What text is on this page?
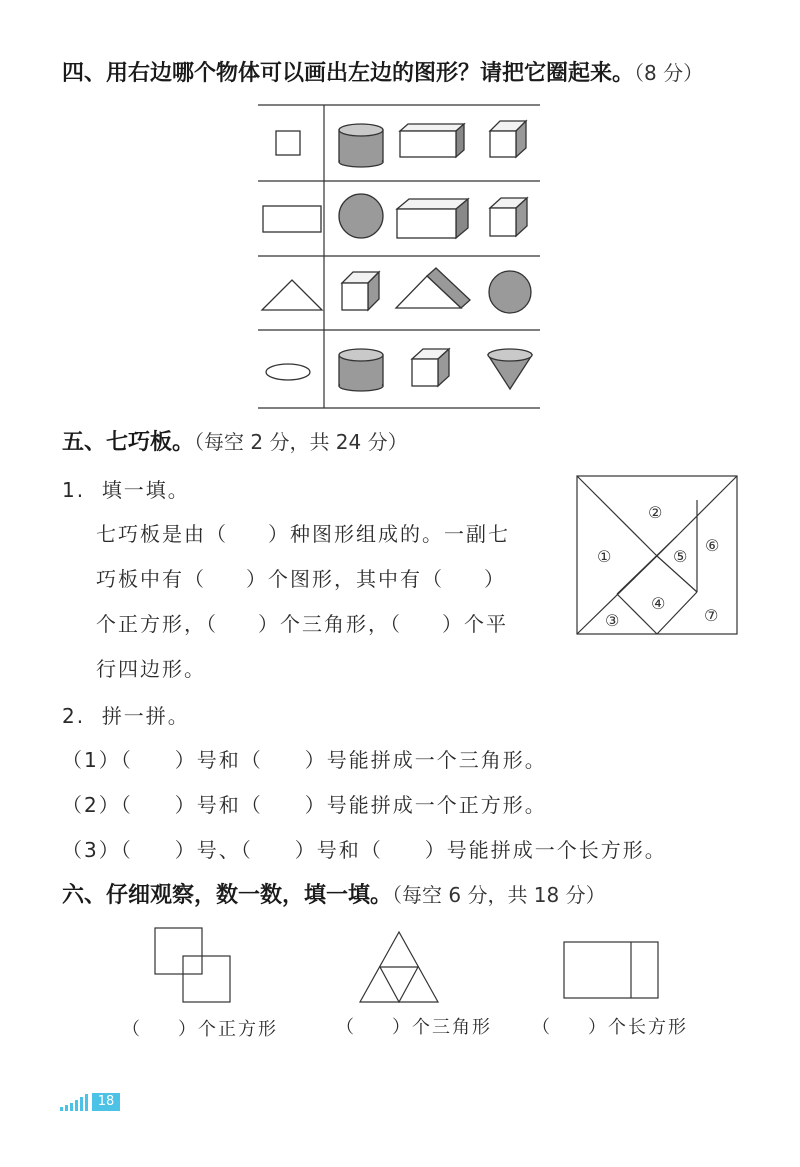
四、用右边哪个物体可以画出左边的图形？请把它圈起来。（8 分）
五、七巧板。（每空 2 分，共 24 分）
1. 填一填。
七巧板是由（ ）种图形组成的。一副七
巧板中有（ ）个图形，其中有（ ）
个正方形，（ ）个三角形，（ ）个平
行四边形。
②
①	⑤
⑥
④
⑦
③
2. 拼一拼。
（1）（ ）号和（ ）号能拼成一个三角形。
（2）（ ）号和（ ）号能拼成一个正方形。
（3）（ ）号、（ ）号和（ ）号能拼成一个长方形。
六、仔细观察，数一数，填一填。（每空 6 分，共 18 分）
（ ）个正方形	（ ）个三角形 （ ）个长方形
18
